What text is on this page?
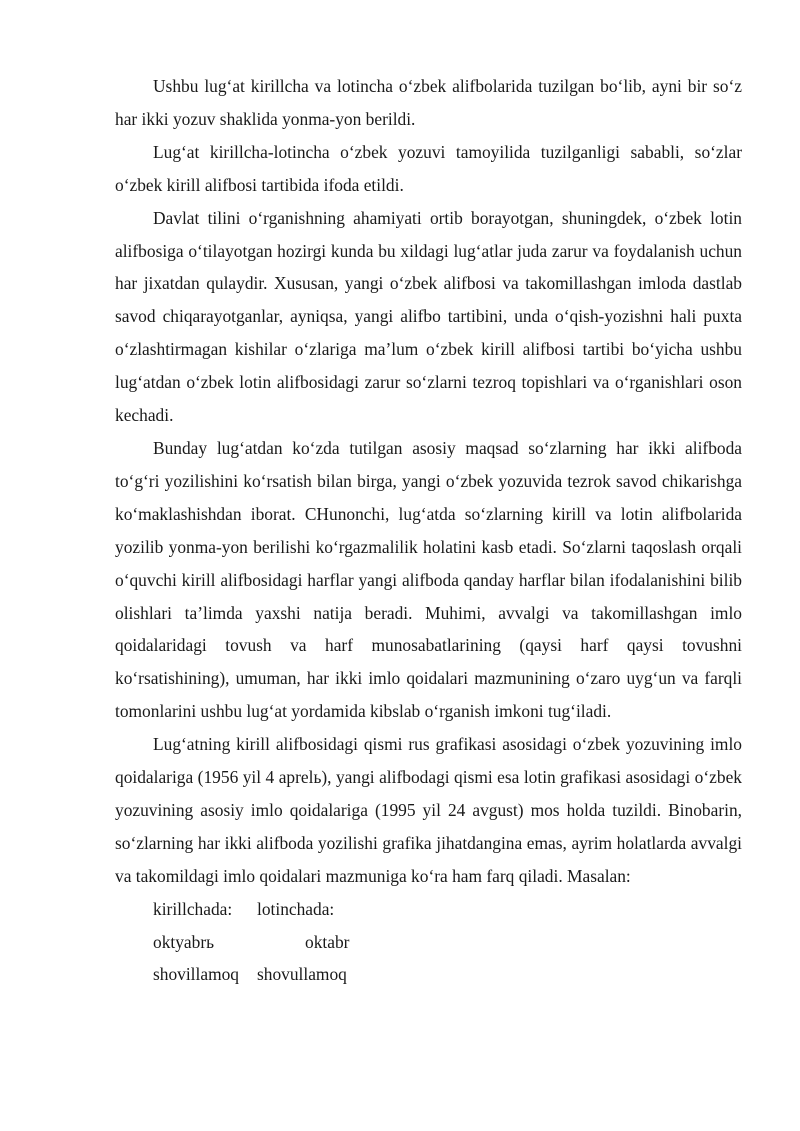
Ushbu lug‘at kirillcha va lotincha o‘zbek alifbolarida tuzilgan bo‘lib, ayni bir so‘z har ikki yozuv shaklida yonma-yon berildi.

Lug‘at kirillcha-lotincha o‘zbek yozuvi tamoyilida tuzilganligi sababli, so‘zlar o‘zbek kirill alifbosi tartibida ifoda etildi.

Davlat tilini o‘rganishning ahamiyati ortib borayotgan, shuningdek, o‘zbek lotin alifbosiga o‘tilayotgan hozirgi kunda bu xildagi lug‘atlar juda zarur va foydalanish uchun har jixatdan qulaydir. Xususan, yangi o‘zbek alifbosi va takomillashgan imloda dastlab savod chiqarayotganlar, ayniqsa, yangi alifbo tartibini, unda o‘qish-yozishni hali puxta o‘zlashtirmagan kishilar o‘zlariga ma’lum o‘zbek kirill alifbosi tartibi bo‘yicha ushbu lug‘atdan o‘zbek lotin alifbosidagi zarur so‘zlarni tezroq topishlari va o‘rganishlari oson kechadi.

Bunday lug‘atdan ko‘zda tutilgan asosiy maqsad so‘zlarning har ikki alifboda to‘g‘ri yozilishini ko‘rsatish bilan birga, yangi o‘zbek yozuvida tezrok savod chikarishga ko‘maklashishdan iborat. CHunonchi, lug‘atda so‘zlarning kirill va lotin alifbolarida yozilib yonma-yon berilishi ko‘rgazmalilik holatini kasb etadi. So‘zlarni taqoslash orqali o‘quvchi kirill alifbosidagi harflar yangi alifboda qanday harflar bilan ifodalanishini bilib olishlari ta’limda yaxshi natija beradi. Muhimi, avvalgi va takomillashgan imlo qoidalaridagi tovush va harf munosabatlarining (qaysi harf qaysi tovushni ko‘rsatishining), umuman, har ikki imlo qoidalari mazmunining o‘zaro uyg‘un va farqli tomonlarini ushbu lug‘at yordamida kibslab o‘rganish imkoni tug‘iladi.

Lug‘atning kirill alifbosidagi qismi rus grafikasi asosidagi o‘zbek yozuvining imlo qoidalariga (1956 yil 4 aprelь), yangi alifbodagi qismi esa lotin grafikasi asosidagi o‘zbek yozuvining asosiy imlo qoidalariga (1995 yil 24 avgust) mos holda tuzildi. Binobarin, so‘zlarning har ikki alifboda yozilishi grafika jihatdangina emas, ayrim holatlarda avvalgi va takomildagi imlo qoidalari mazmuniga ko‘ra ham farq qiladi. Masalan:

kirillchada:	lotinchada:
oktyabrь	oktabr
shovillamoq	shovullamoq
